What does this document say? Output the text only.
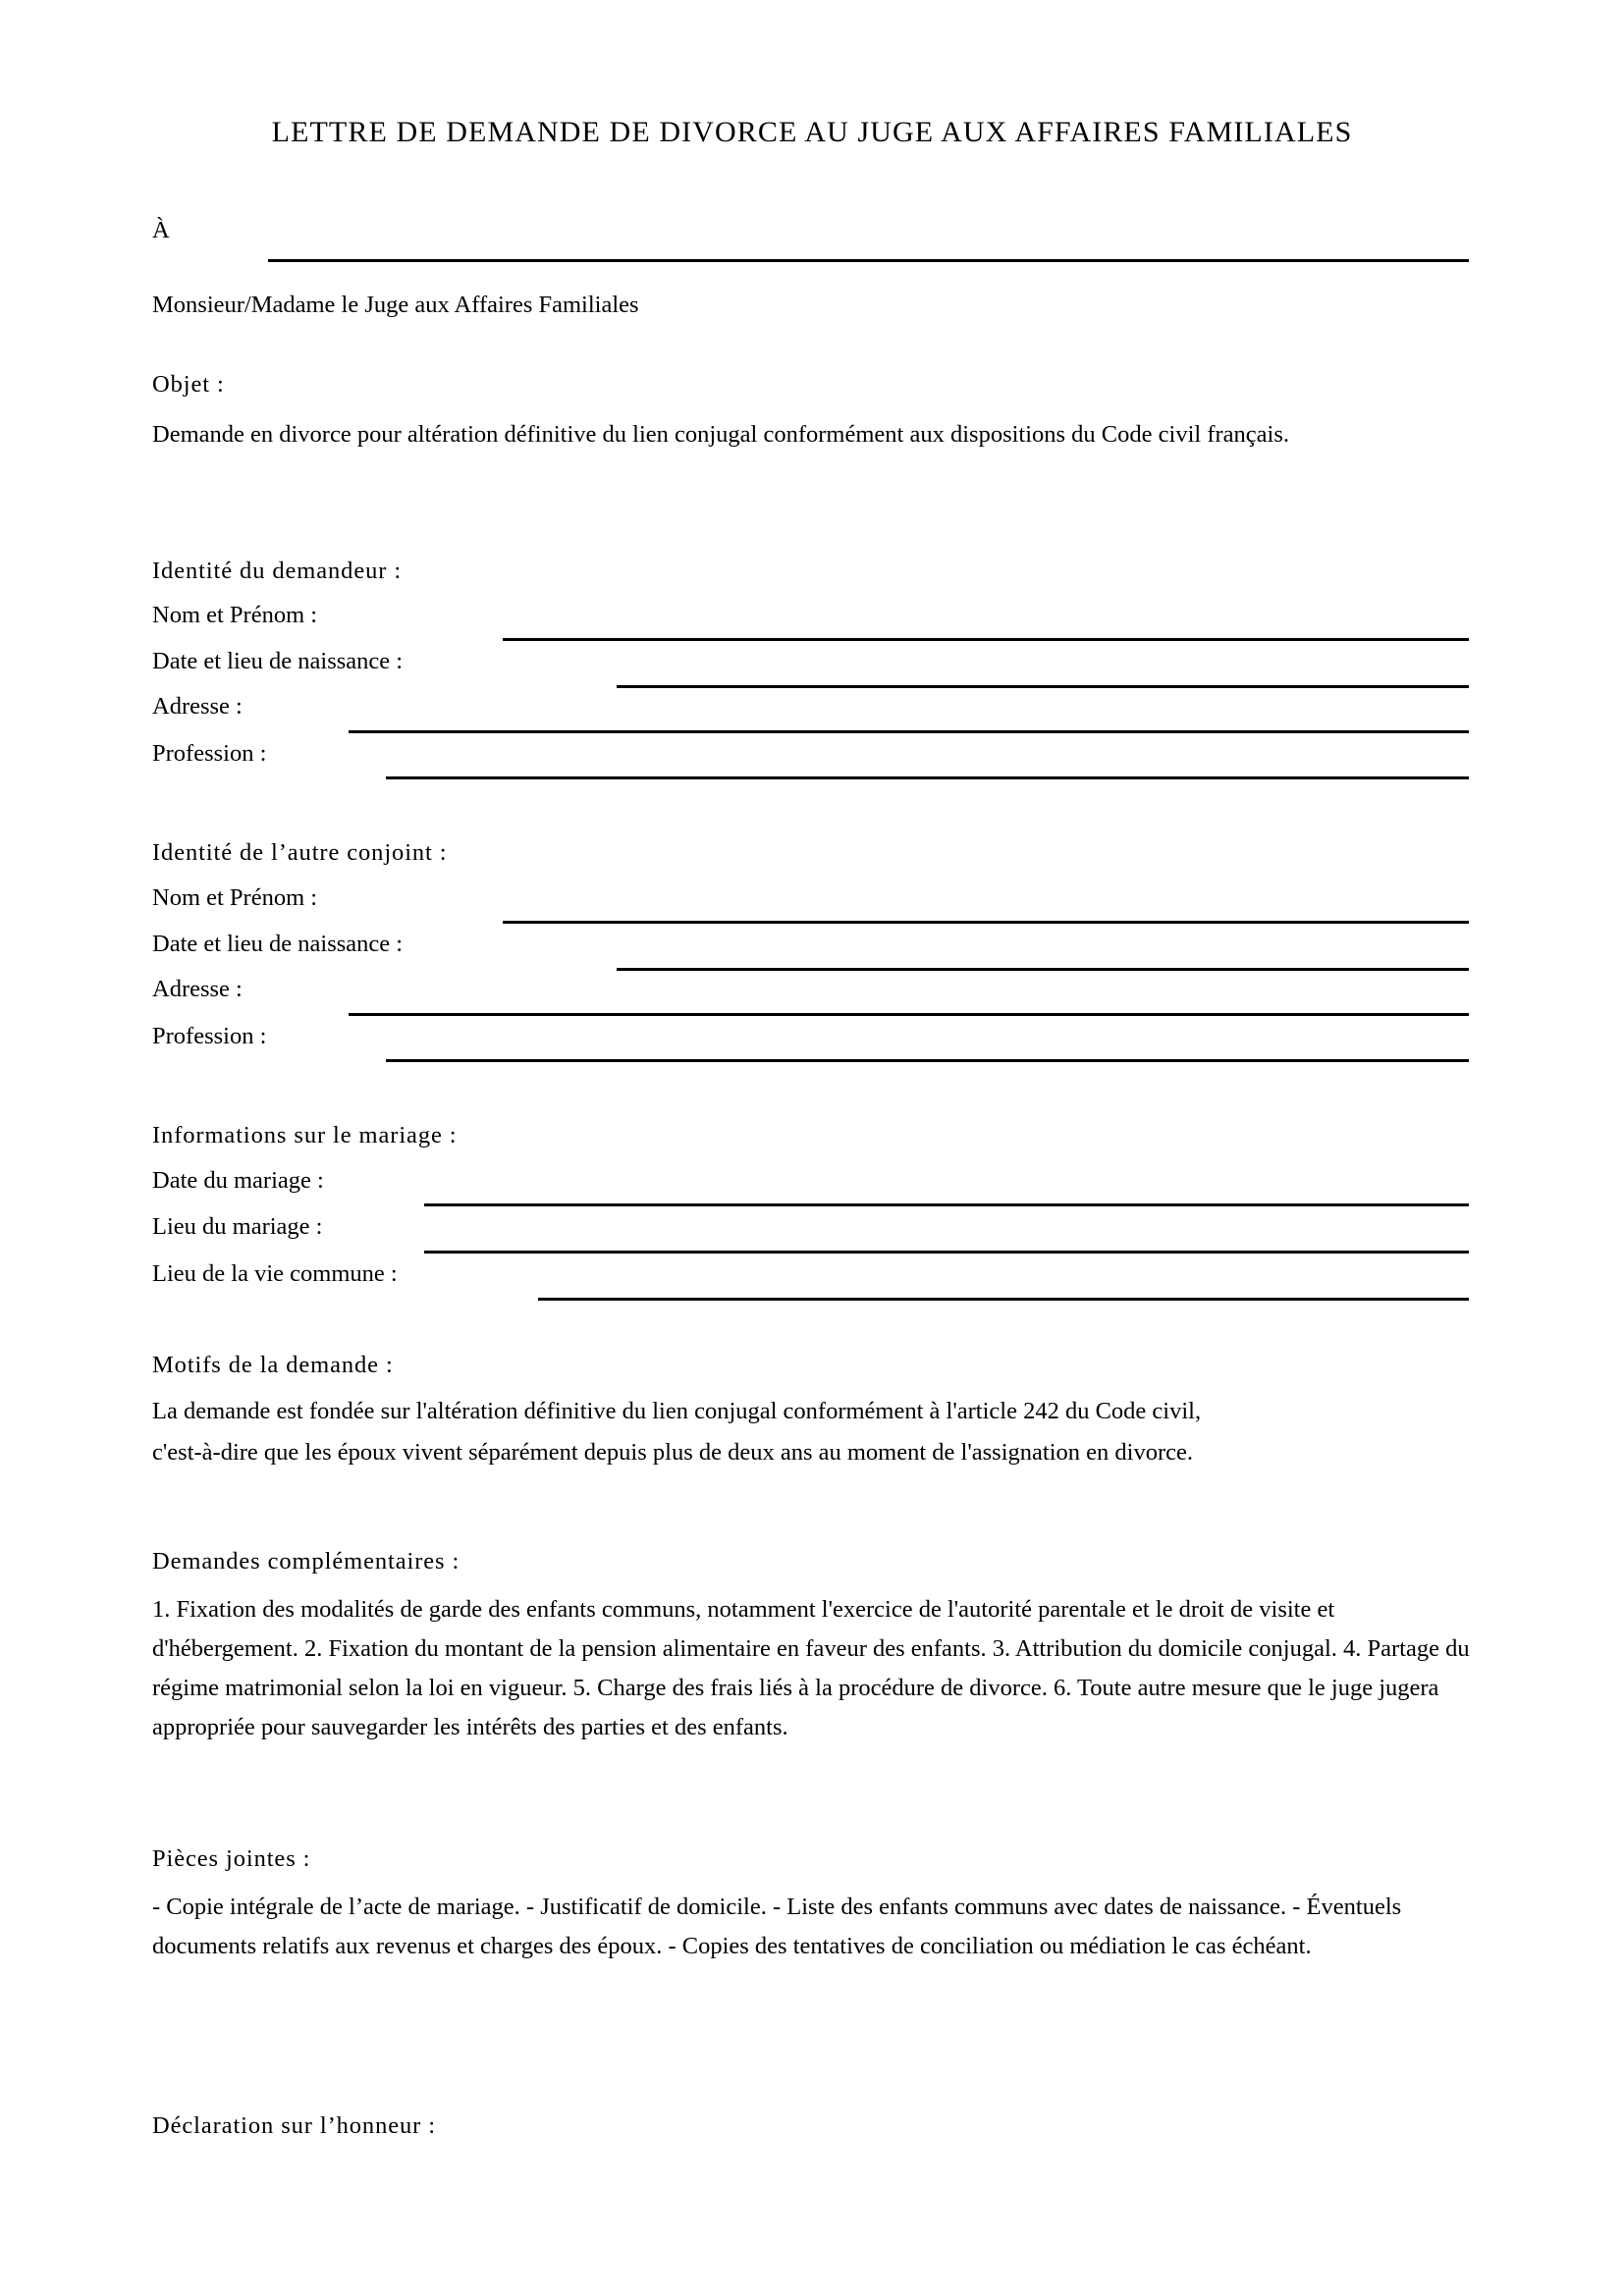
LETTRE DE DEMANDE DE DIVORCE AU JUGE AUX AFFAIRES FAMILIALES
À
Monsieur/Madame le Juge aux Affaires Familiales
Objet :
Demande en divorce pour altération définitive du lien conjugal conformément aux dispositions du Code civil français.
Identité du demandeur :
Nom et Prénom :
Date et lieu de naissance :
Adresse :
Profession :
Identité de l’autre conjoint :
Nom et Prénom :
Date et lieu de naissance :
Adresse :
Profession :
Informations sur le mariage :
Date du mariage :
Lieu du mariage :
Lieu de la vie commune :
Motifs de la demande :
La demande est fondée sur l'altération définitive du lien conjugal conformément à l'article 242 du Code civil,
c'est-à-dire que les époux vivent séparément depuis plus de deux ans au moment de l'assignation en divorce.
Demandes complémentaires :
1. Fixation des modalités de garde des enfants communs, notamment l'exercice de l'autorité parentale et le droit de visite et d'hébergement. 2. Fixation du montant de la pension alimentaire en faveur des enfants. 3. Attribution du domicile conjugal. 4. Partage du régime matrimonial selon la loi en vigueur. 5. Charge des frais liés à la procédure de divorce. 6. Toute autre mesure que le juge jugera appropriée pour sauvegarder les intérêts des parties et des enfants.
Pièces jointes :
- Copie intégrale de l’acte de mariage. - Justificatif de domicile. - Liste des enfants communs avec dates de naissance. - Éventuels documents relatifs aux revenus et charges des époux. - Copies des tentatives de conciliation ou médiation le cas échéant.
Déclaration sur l’honneur :
